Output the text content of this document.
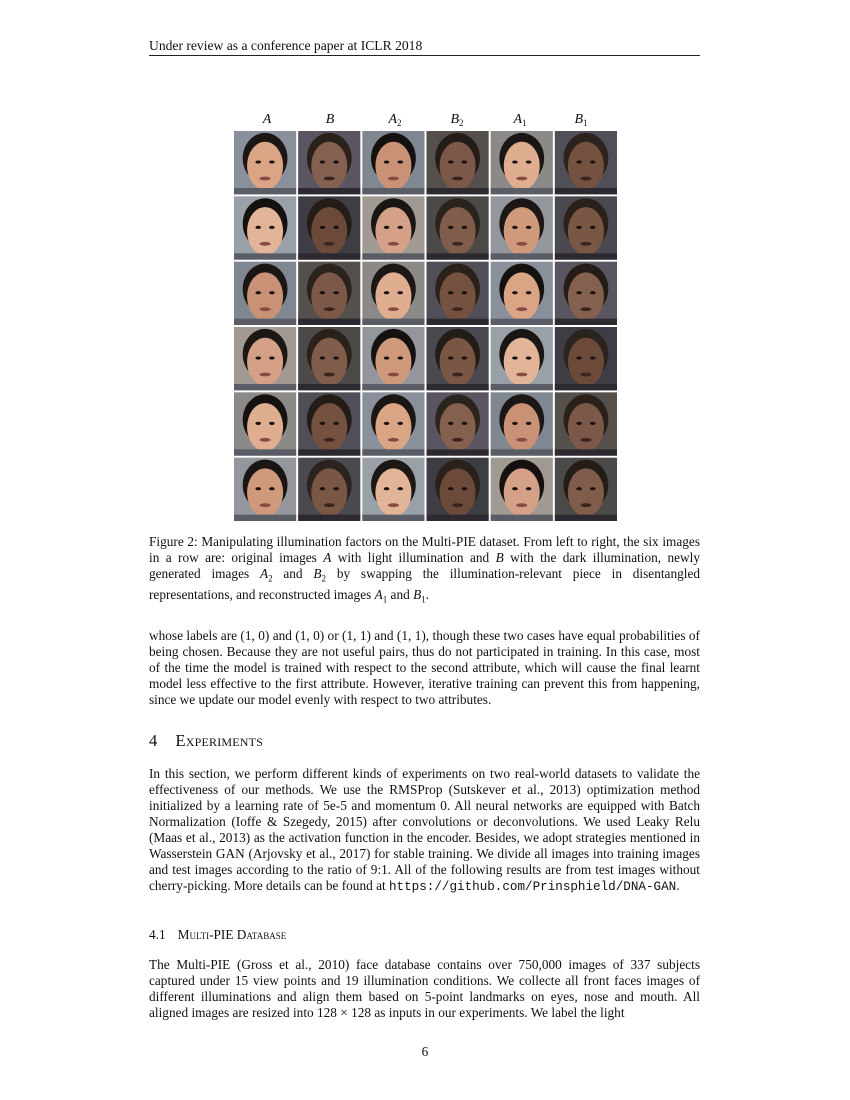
Under review as a conference paper at ICLR 2018
A	B	$A_2$	$B_2$	$A_1$	$B_1$
Figure 2: Manipulating illumination factors on the Multi-PIE dataset. From left to right, the six images in a row are: original images A with light illumination and B with the dark illumination, newly generated images $A_2$ and $B_2$ by swapping the illumination-relevant piece in disentangled representations, and reconstructed images $A_1$ and $B_1$.
whose labels are (1, 0) and (1, 0) or (1, 1) and (1, 1), though these two cases have equal probabilities of being chosen. Because they are not useful pairs, thus do not participated in training. In this case, most of the time the model is trained with respect to the second attribute, which will cause the final learnt model less effective to the first attribute. However, iterative training can prevent this from happening, since we update our model evenly with respect to two attributes.
4 Experiments
In this section, we perform different kinds of experiments on two real-world datasets to validate the effectiveness of our methods. We use the RMSProp (Sutskever et al., 2013) optimization method initialized by a learning rate of 5e-5 and momentum 0. All neural networks are equipped with Batch Normalization (Ioffe & Szegedy, 2015) after convolutions or deconvolutions. We used Leaky Relu (Maas et al., 2013) as the activation function in the encoder. Besides, we adopt strategies mentioned in Wasserstein GAN (Arjovsky et al., 2017) for stable training. We divide all images into training images and test images according to the ratio of 9:1. All of the following results are from test images without cherry-picking. More details can be found at https://github.com/Prinsphield/DNA-GAN.
4.1 Multi-PIE Database
The Multi-PIE (Gross et al., 2010) face database contains over 750,000 images of 337 subjects captured under 15 view points and 19 illumination conditions. We collecte all front faces images of different illuminations and align them based on 5-point landmarks on eyes, nose and mouth. All aligned images are resized into 128 × 128 as inputs in our experiments. We label the light
6
